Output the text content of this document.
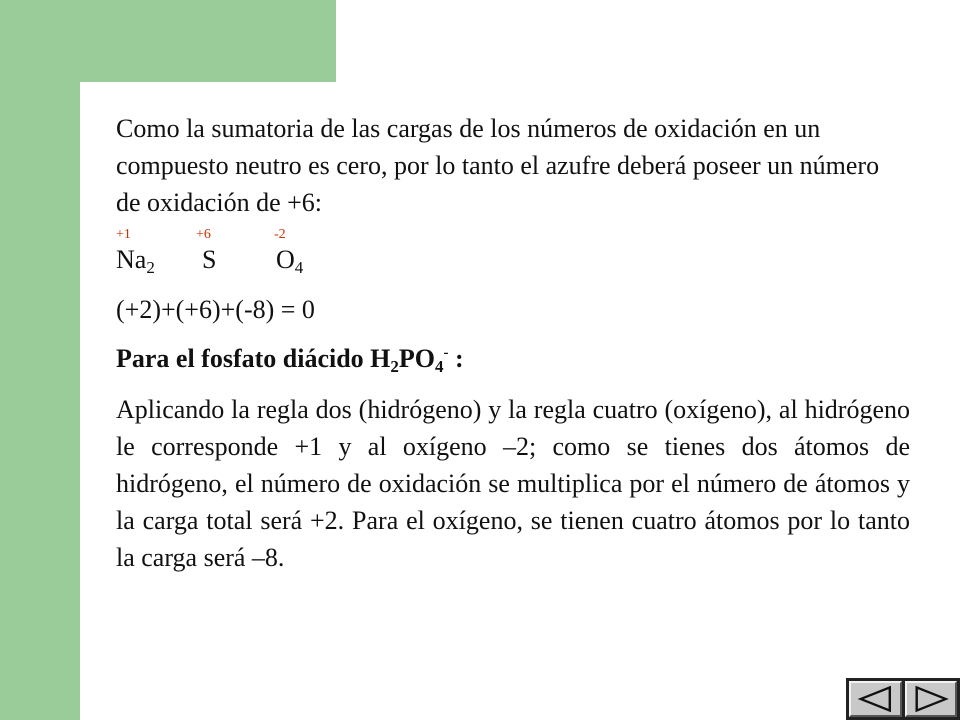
Como la sumatoria de las cargas de los números de oxidación en un compuesto neutro es cero, por lo tanto el azufre deberá poseer un número de oxidación de +6:

+1	+6	-2
$Na_2$ S $O_4$

(+2)+(+6)+(-8) = 0

Para el fosfato diácido $H_2PO_4^-$ :

Aplicando la regla dos (hidrógeno) y la regla cuatro (oxígeno), al hidrógeno le corresponde +1 y al oxígeno –2; como se tienes dos átomos de hidrógeno, el número de oxidación se multiplica por el número de átomos y la carga total será +2. Para el oxígeno, se tienen cuatro átomos por lo tanto la carga será –8.
